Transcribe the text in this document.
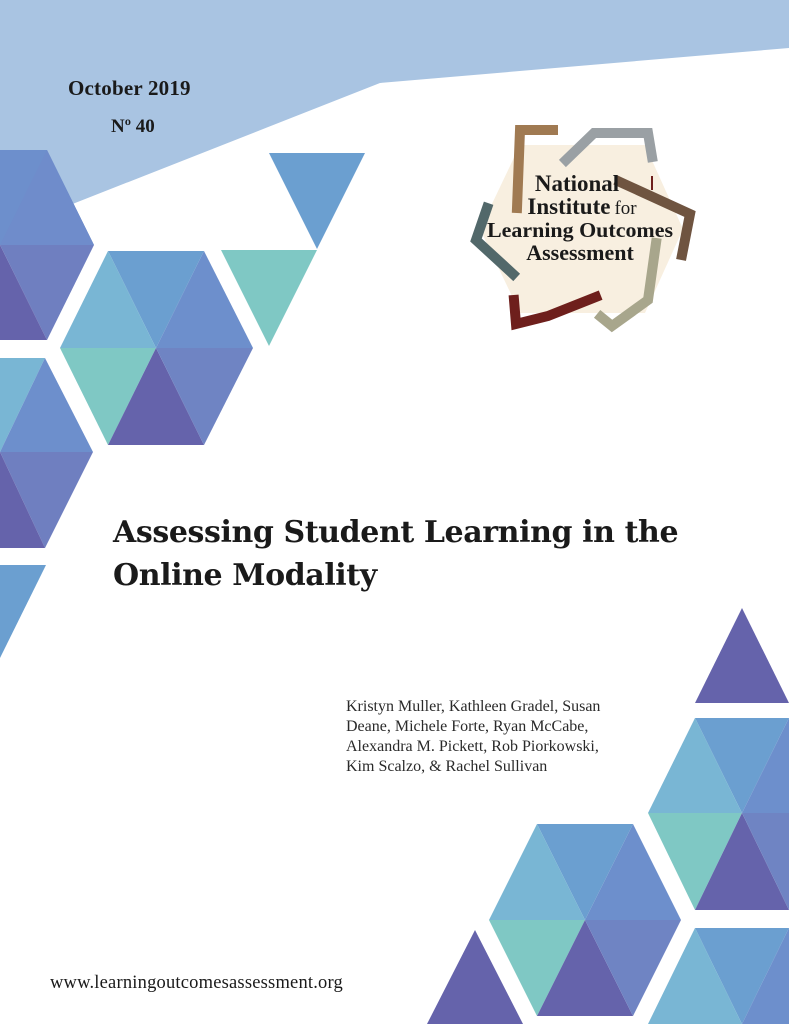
National
Institute for
Learning Outcomes
Assessment
October 2019
Nº 40
Assessing Student Learning in the
Online Modality
Kristyn Muller, Kathleen Gradel, Susan
Deane, Michele Forte, Ryan McCabe,
Alexandra M. Pickett, Rob Piorkowski,
Kim Scalzo, & Rachel Sullivan
www.learningoutcomesassessment.org
